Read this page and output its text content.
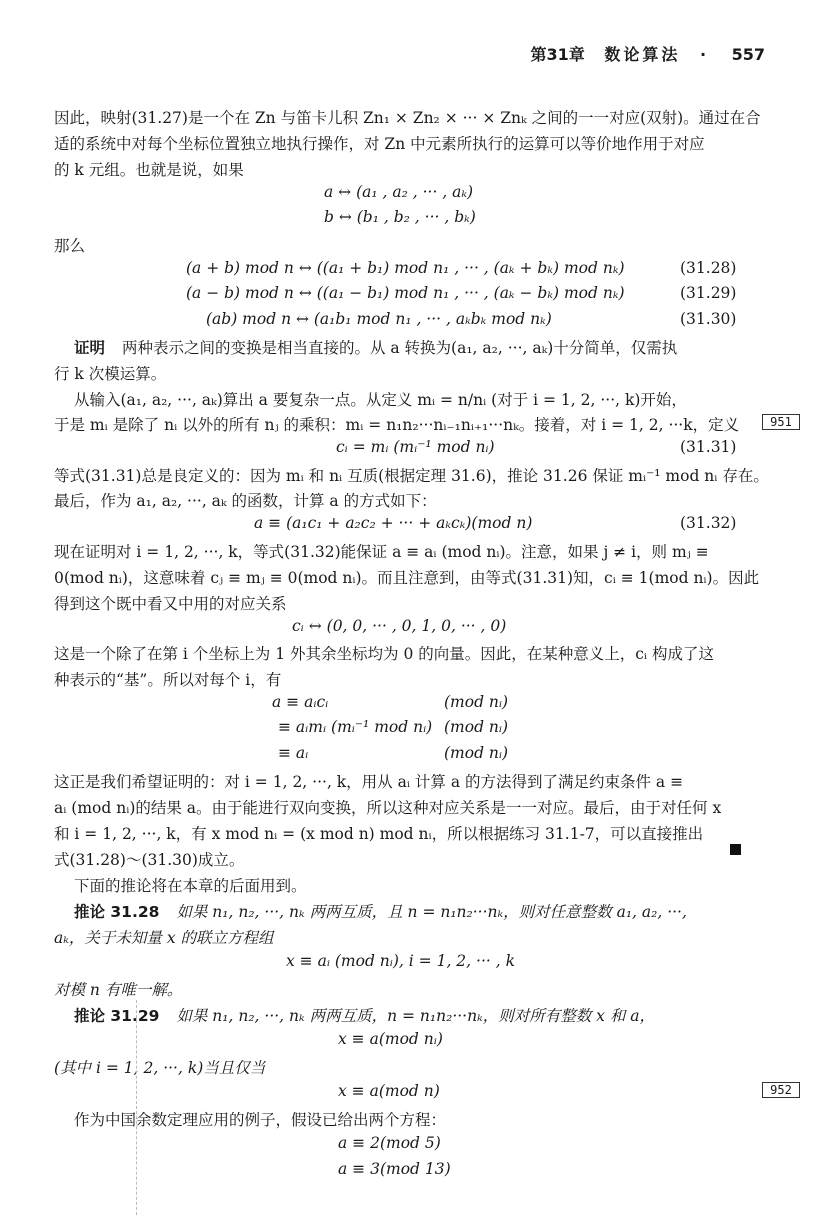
第31章 数论算法 · 557
因此，映射(31.27)是一个在 Zn 与笛卡儿积 Zn₁ × Zn₂ × ··· × Znₖ 之间的一一对应(双射)。通过在合
适的系统中对每个坐标位置独立地执行操作，对 Zn 中元素所执行的运算可以等价地作用于对应
的 k 元组。也就是说，如果
a ↔ (a₁ , a₂ , ··· , aₖ)
b ↔ (b₁ , b₂ , ··· , bₖ)
那么
(a + b) mod n ↔ ((a₁ + b₁) mod n₁ , ··· , (aₖ + bₖ) mod nₖ)	(31.28)
(a − b) mod n ↔ ((a₁ − b₁) mod n₁ , ··· , (aₖ − bₖ) mod nₖ)	(31.29)
(ab) mod n ↔ (a₁b₁ mod n₁ , ··· , aₖbₖ mod nₖ)	(31.30)
证明 两种表示之间的变换是相当直接的。从 a 转换为(a₁, a₂, ···, aₖ)十分简单，仅需执
行 k 次模运算。
从输入(a₁, a₂, ···, aₖ)算出 a 要复杂一点。从定义 mᵢ = n/nᵢ (对于 i = 1, 2, ···, k)开始，
于是 mᵢ 是除了 nᵢ 以外的所有 nⱼ 的乘积：mᵢ = n₁n₂···nᵢ₋₁nᵢ₊₁···nₖ。接着，对 i = 1, 2, ···k，定义	951
cᵢ = mᵢ (mᵢ⁻¹ mod nᵢ)	(31.31)
等式(31.31)总是良定义的：因为 mᵢ 和 nᵢ 互质(根据定理 31.6)，推论 31.26 保证 mᵢ⁻¹ mod nᵢ 存在。
最后，作为 a₁, a₂, ···, aₖ 的函数，计算 a 的方式如下：
a ≡ (a₁c₁ + a₂c₂ + ··· + aₖcₖ)(mod n)	(31.32)
现在证明对 i = 1, 2, ···, k，等式(31.32)能保证 a ≡ aᵢ (mod nᵢ)。注意，如果 j ≠ i，则 mⱼ ≡
0(mod nᵢ)，这意味着 cⱼ ≡ mⱼ ≡ 0(mod nᵢ)。而且注意到，由等式(31.31)知，cᵢ ≡ 1(mod nᵢ)。因此
得到这个既中看又中用的对应关系
cᵢ ↔ (0, 0, ··· , 0, 1, 0, ··· , 0)
这是一个除了在第 i 个坐标上为 1 外其余坐标均为 0 的向量。因此，在某种意义上，cᵢ 构成了这
种表示的“基”。所以对每个 i，有
a ≡ aᵢcᵢ	(mod nᵢ)
≡ aᵢmᵢ (mᵢ⁻¹ mod nᵢ) (mod nᵢ)
≡ aᵢ	(mod nᵢ)
这正是我们希望证明的：对 i = 1, 2, ···, k，用从 aᵢ 计算 a 的方法得到了满足约束条件 a ≡
aᵢ (mod nᵢ)的结果 a。由于能进行双向变换，所以这种对应关系是一一对应。最后，由于对任何 x
和 i = 1, 2, ···, k，有 x mod nᵢ = (x mod n) mod nᵢ，所以根据练习 31.1-7，可以直接推出
式(31.28)～(31.30)成立。
下面的推论将在本章的后面用到。
推论 31.28 如果 n₁, n₂, ···, nₖ 两两互质，且 n = n₁n₂···nₖ，则对任意整数 a₁, a₂, ···,
aₖ，关于未知量 x 的联立方程组
x ≡ aᵢ (mod nᵢ), i = 1, 2, ··· , k
对模 n 有唯一解。
推论 31.29 如果 n₁, n₂, ···, nₖ 两两互质，n = n₁n₂···nₖ，则对所有整数 x 和 a，
x ≡ a(mod nᵢ)
(其中 i = 1, 2, ···, k)当且仅当
x ≡ a(mod n)	952
作为中国余数定理应用的例子，假设已给出两个方程：
a ≡ 2(mod 5)
a ≡ 3(mod 13)
